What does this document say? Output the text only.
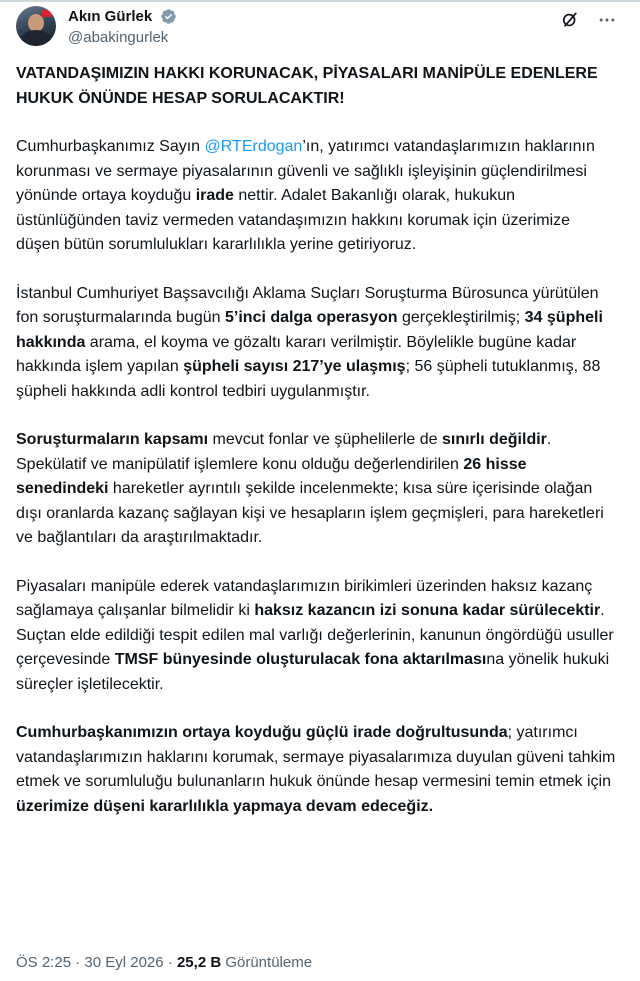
Akın Gürlek
@abakingurlek

VATANDAŞIMIZIN HAKKI KORUNACAK, PİYASALARI MANİPÜLE EDENLERE HUKUK ÖNÜNDE HESAP SORULACAKTIR!

Cumhurbaşkanımız Sayın @RTErdogan’ın, yatırımcı vatandaşlarımızın haklarının korunması ve sermaye piyasalarının güvenli ve sağlıklı işleyişinin güçlendirilmesi yönünde ortaya koyduğu irade nettir. Adalet Bakanlığı olarak, hukukun üstünlüğünden taviz vermeden vatandaşımızın hakkını korumak için üzerimize düşen bütün sorumlulukları kararlılıkla yerine getiriyoruz.

İstanbul Cumhuriyet Başsavcılığı Aklama Suçları Soruşturma Bürosunca yürütülen fon soruşturmalarında bugün 5’inci dalga operasyon gerçekleştirilmiş; 34 şüpheli hakkında arama, el koyma ve gözaltı kararı verilmiştir. Böylelikle bugüne kadar hakkında işlem yapılan şüpheli sayısı 217’ye ulaşmış; 56 şüpheli tutuklanmış, 88 şüpheli hakkında adli kontrol tedbiri uygulanmıştır.

Soruşturmaların kapsamı mevcut fonlar ve şüphelilerle de sınırlı değildir. Spekülatif ve manipülatif işlemlere konu olduğu değerlendirilen 26 hisse senedindeki hareketler ayrıntılı şekilde incelenmekte; kısa süre içerisinde olağan dışı oranlarda kazanç sağlayan kişi ve hesapların işlem geçmişleri, para hareketleri ve bağlantıları da araştırılmaktadır.

Piyasaları manipüle ederek vatandaşlarımızın birikimleri üzerinden haksız kazanç sağlamaya çalışanlar bilmelidir ki haksız kazancın izi sonuna kadar sürülecektir. Suçtan elde edildiği tespit edilen mal varlığı değerlerinin, kanunun öngördüğü usuller çerçevesinde TMSF bünyesinde oluşturulacak fona aktarılmasına yönelik hukuki süreçler işletilecektir.

Cumhurbaşkanımızın ortaya koyduğu güçlü irade doğrultusunda; yatırımcı vatandaşlarımızın haklarını korumak, sermaye piyasalarımıza duyulan güveni tahkim etmek ve sorumluluğu bulunanların hukuk önünde hesap vermesini temin etmek için üzerimize düşeni kararlılıkla yapmaya devam edeceğiz.

ÖS 2:25 · 30 Eyl 2026 · 25,2 B Görüntüleme
